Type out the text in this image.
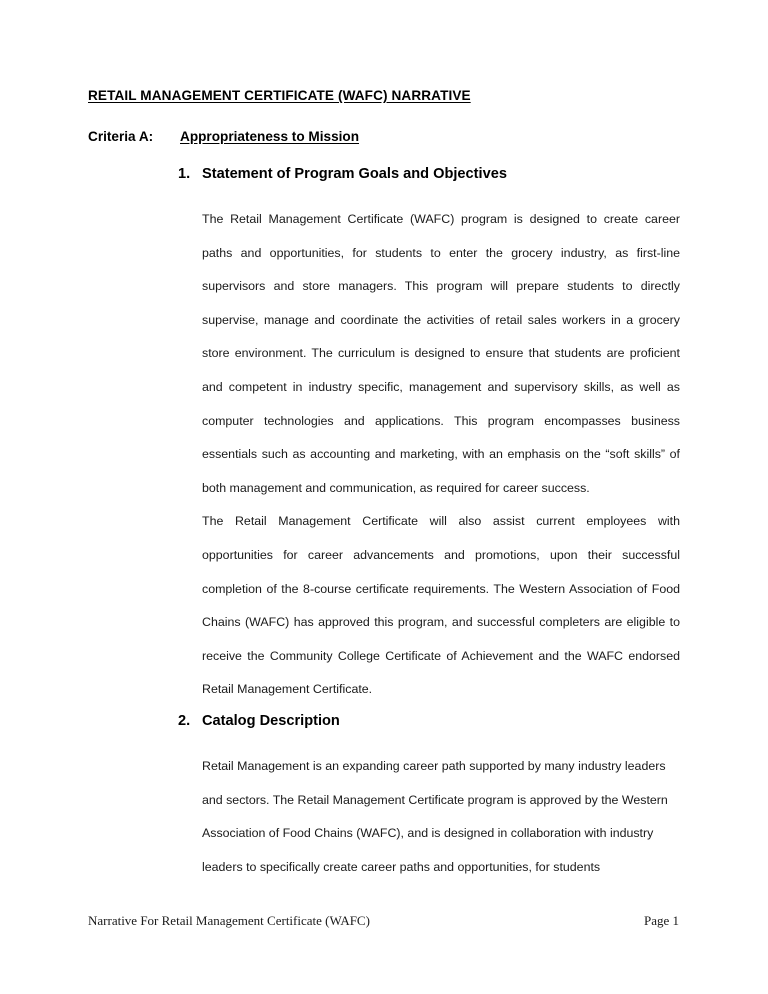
RETAIL MANAGEMENT CERTIFICATE (WAFC) NARRATIVE
Criteria A: Appropriateness to Mission
1. Statement of Program Goals and Objectives

The Retail Management Certificate (WAFC) program is designed to create career paths and opportunities, for students to enter the grocery industry, as first-line supervisors and store managers. This program will prepare students to directly supervise, manage and coordinate the activities of retail sales workers in a grocery store environment. The curriculum is designed to ensure that students are proficient and competent in industry specific, management and supervisory skills, as well as computer technologies and applications. This program encompasses business essentials such as accounting and marketing, with an emphasis on the “soft skills” of both management and communication, as required for career success.

The Retail Management Certificate will also assist current employees with opportunities for career advancements and promotions, upon their successful completion of the 8-course certificate requirements. The Western Association of Food Chains (WAFC) has approved this program, and successful completers are eligible to receive the Community College Certificate of Achievement and the WAFC endorsed Retail Management Certificate.

2. Catalog Description

Retail Management is an expanding career path supported by many industry leaders and sectors. The Retail Management Certificate program is approved by the Western Association of Food Chains (WAFC), and is designed in collaboration with industry leaders to specifically create career paths and opportunities, for students

Narrative For Retail Management Certificate (WAFC)	Page 1
